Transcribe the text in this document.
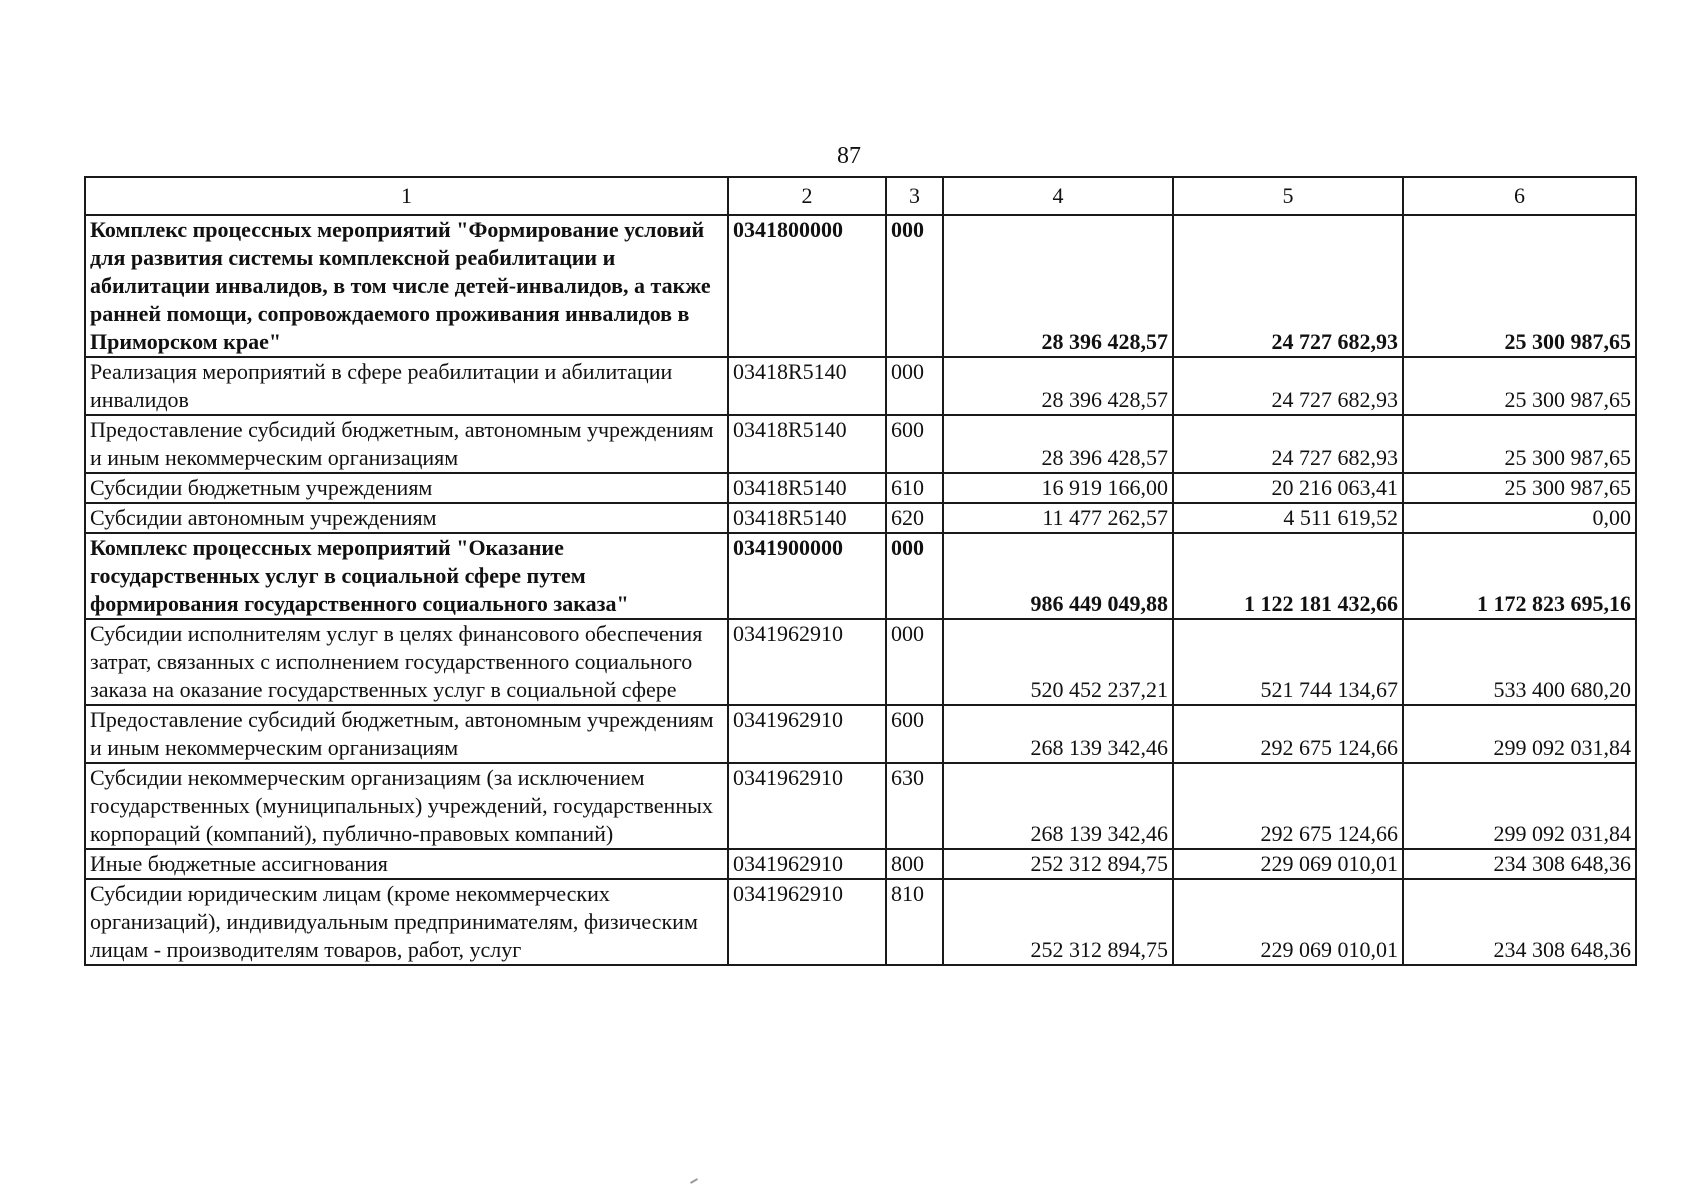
87
1	2	3	4	5	6
Комплекс процессных мероприятий "Формирование условий для развития системы комплексной реабилитации и абилитации инвалидов, в том числе детей-инвалидов, а также ранней помощи, сопровождаемого проживания инвалидов в Приморском крае"	0341800000	000	28 396 428,57	24 727 682,93	25 300 987,65
Реализация мероприятий в сфере реабилитации и абилитации инвалидов	03418R5140	000	28 396 428,57	24 727 682,93	25 300 987,65
Предоставление субсидий бюджетным, автономным учреждениям и иным некоммерческим организациям	03418R5140	600	28 396 428,57	24 727 682,93	25 300 987,65
Субсидии бюджетным учреждениям	03418R5140	610	16 919 166,00	20 216 063,41	25 300 987,65
Субсидии автономным учреждениям	03418R5140	620	11 477 262,57	4 511 619,52	0,00
Комплекс процессных мероприятий "Оказание государственных услуг в социальной сфере путем формирования государственного социального заказа"	0341900000	000	986 449 049,88	1 122 181 432,66	1 172 823 695,16
Субсидии исполнителям услуг в целях финансового обеспечения затрат, связанных с исполнением государственного социального заказа на оказание государственных услуг в социальной сфере	0341962910	000	520 452 237,21	521 744 134,67	533 400 680,20
Предоставление субсидий бюджетным, автономным учреждениям и иным некоммерческим организациям	0341962910	600	268 139 342,46	292 675 124,66	299 092 031,84
Субсидии некоммерческим организациям (за исключением государственных (муниципальных) учреждений, государственных корпораций (компаний), публично-правовых компаний)	0341962910	630	268 139 342,46	292 675 124,66	299 092 031,84
Иные бюджетные ассигнования	0341962910	800	252 312 894,75	229 069 010,01	234 308 648,36
Субсидии юридическим лицам (кроме некоммерческих организаций), индивидуальным предпринимателям, физическим лицам - производителям товаров, работ, услуг	0341962910	810	252 312 894,75	229 069 010,01	234 308 648,36
